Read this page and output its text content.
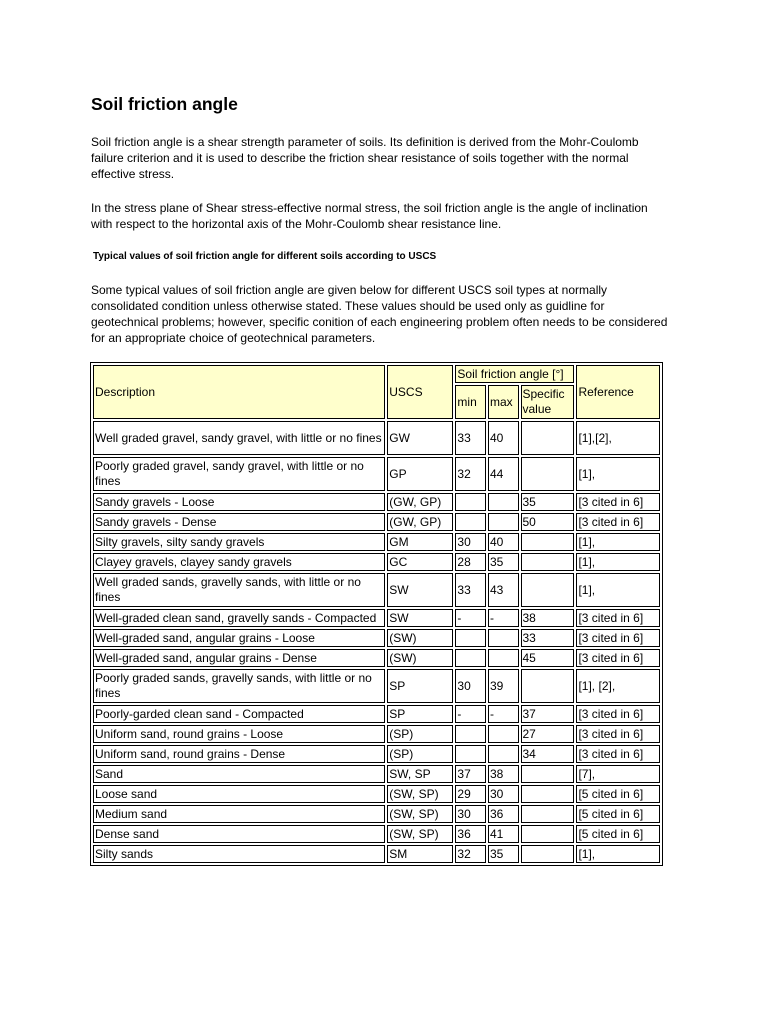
Soil friction angle

Soil friction angle is a shear strength parameter of soils. Its definition is derived from the Mohr-Coulomb failure criterion and it is used to describe the friction shear resistance of soils together with the normal effective stress.

In the stress plane of Shear stress-effective normal stress, the soil friction angle is the angle of inclination with respect to the horizontal axis of the Mohr-Coulomb shear resistance line.

Typical values of soil friction angle for different soils according to USCS

Some typical values of soil friction angle are given below for different USCS soil types at normally consolidated condition unless otherwise stated. These values should be used only as guidline for geotechnical problems; however, specific conition of each engineering problem often needs to be considered for an appropriate choice of geotechnical parameters.

Description	USCS	Soil friction angle [°]			Reference
		min	max	Specific value	
Well graded gravel, sandy gravel, with little or no fines	GW	33	40		[1],[2],
Poorly graded gravel, sandy gravel, with little or no fines	GP	32	44		[1],
Sandy gravels - Loose	(GW, GP)			35	[3 cited in 6]
Sandy gravels - Dense	(GW, GP)			50	[3 cited in 6]
Silty gravels, silty sandy gravels	GM	30	40		[1],
Clayey gravels, clayey sandy gravels	GC	28	35		[1],
Well graded sands, gravelly sands, with little or no fines	SW	33	43		[1],
Well-graded clean sand, gravelly sands - Compacted	SW	-	-	38	[3 cited in 6]
Well-graded sand, angular grains - Loose	(SW)			33	[3 cited in 6]
Well-graded sand, angular grains - Dense	(SW)			45	[3 cited in 6]
Poorly graded sands, gravelly sands, with little or no fines	SP	30	39		[1], [2],
Poorly-garded clean sand - Compacted	SP	-	-	37	[3 cited in 6]
Uniform sand, round grains - Loose	(SP)			27	[3 cited in 6]
Uniform sand, round grains - Dense	(SP)			34	[3 cited in 6]
Sand	SW, SP	37	38		[7],
Loose sand	(SW, SP)	29	30		[5 cited in 6]
Medium sand	(SW, SP)	30	36		[5 cited in 6]
Dense sand	(SW, SP)	36	41		[5 cited in 6]
Silty sands	SM	32	35		[1],
